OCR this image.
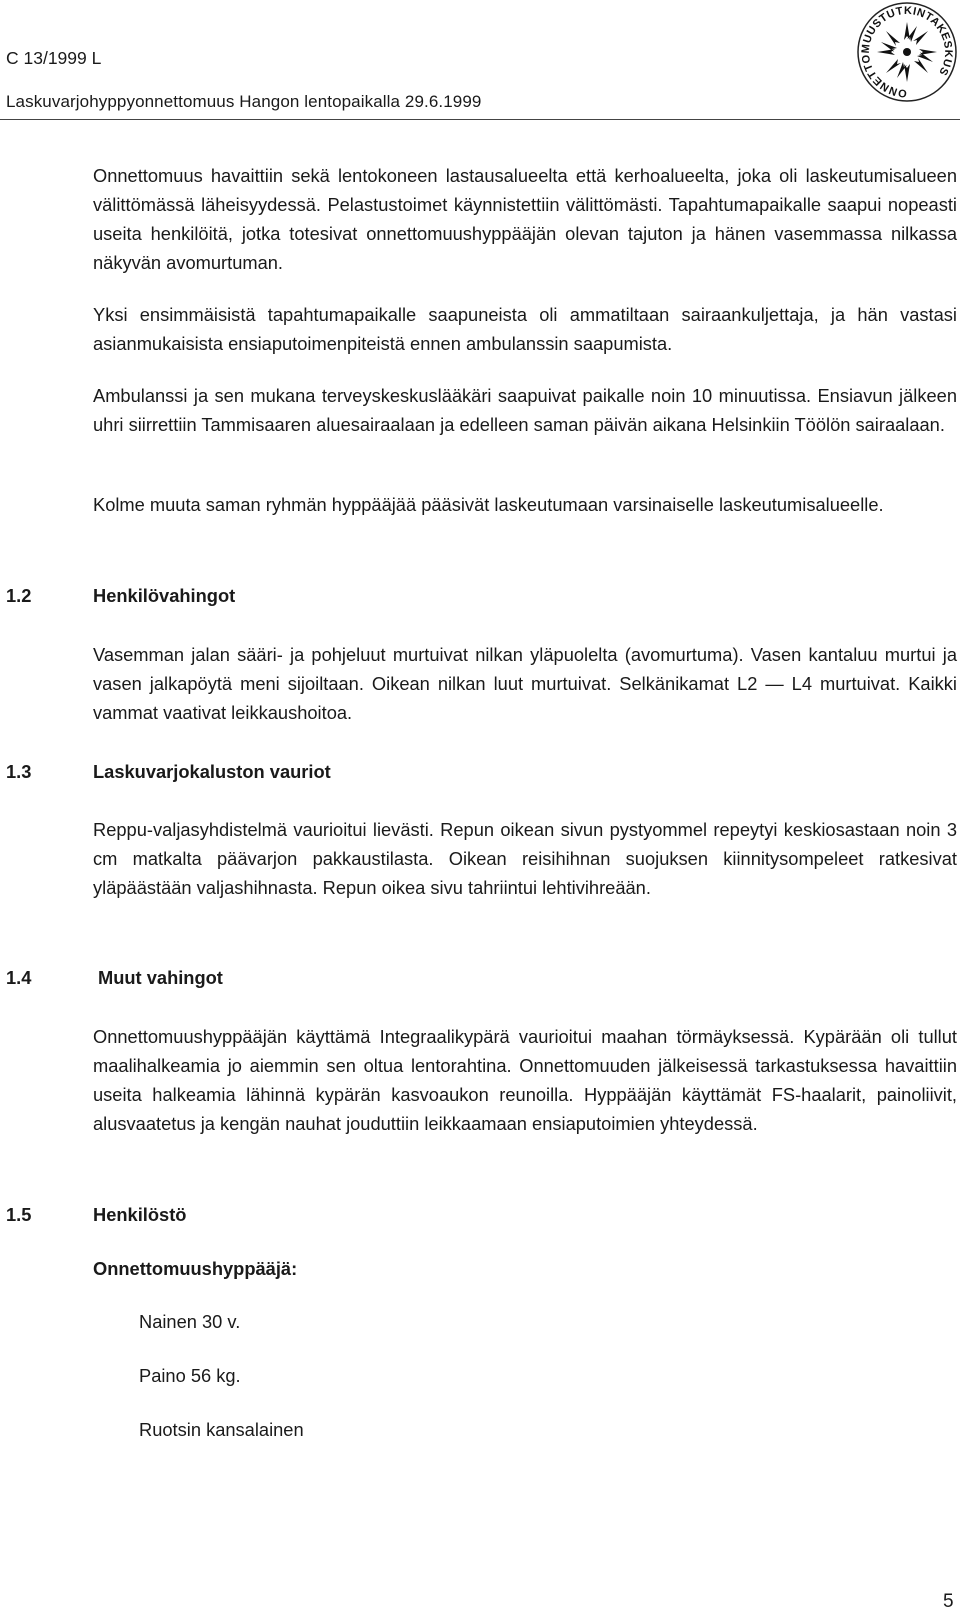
C 13/1999 L
Laskuvarjohyppyonnettomuus Hangon lentopaikalla 29.6.1999	ONNETTOMUUSTUTKINTAKESKUS

Onnettomuus havaittiin sekä lentokoneen lastausalueelta että kerhoalueelta, joka oli laskeutumisalueen välittömässä läheisyydessä. Pelastustoimet käynnistettiin välittömästi. Tapahtumapaikalle saapui nopeasti useita henkilöitä, jotka totesivat onnettomuushyppääjän olevan tajuton ja hänen vasemmassa nilkassa näkyvän avomurtuman.

Yksi ensimmäisistä tapahtumapaikalle saapuneista oli ammatiltaan sairaankuljettaja, ja hän vastasi asianmukaisista ensiaputoimenpiteistä ennen ambulanssin saapumista.

Ambulanssi ja sen mukana terveyskeskuslääkäri saapuivat paikalle noin 10 minuutissa. Ensiavun jälkeen uhri siirrettiin Tammisaaren aluesairaalaan ja edelleen saman päivän aikana Helsinkiin Töölön sairaalaan.

Kolme muuta saman ryhmän hyppääjää pääsivät laskeutumaan varsinaiselle laskeutumisalueelle.

1.2	Henkilövahingot

Vasemman jalan sääri- ja pohjeluut murtuivat nilkan yläpuolelta (avomurtuma). Vasen kantaluu murtui ja vasen jalkapöytä meni sijoiltaan. Oikean nilkan luut murtuivat. Selkänikamat L2 — L4 murtuivat. Kaikki vammat vaativat leikkaushoitoa.

1.3	Laskuvarjokaluston vauriot

Reppu-valjasyhdistelmä vaurioitui lievästi. Repun oikean sivun pystyommel repeytyi keskiosastaan noin 3 cm matkalta päävarjon pakkaustilasta. Oikean reisihihnan suojuksen kiinnitysompeleet ratkesivat yläpäästään valjashihnasta. Repun oikea sivu tahriintui lehtivihreään.

1.4	Muut vahingot

Onnettomuushyppääjän käyttämä Integraalikypärä vaurioitui maahan törmäyksessä. Kypärään oli tullut maalihalkeamia jo aiemmin sen oltua lentorahtina. Onnettomuuden jälkeisessä tarkastuksessa havaittiin useita halkeamia lähinnä kypärän kasvoaukon reunoilla. Hyppääjän käyttämät FS-haalarit, painoliivit, alusvaatetus ja kengän nauhat jouduttiin leikkaamaan ensiaputoimien yhteydessä.

1.5	Henkilöstö
Onnettomuushyppääjä:
Nainen 30 v.
Paino 56 kg.
Ruotsin kansalainen
5
